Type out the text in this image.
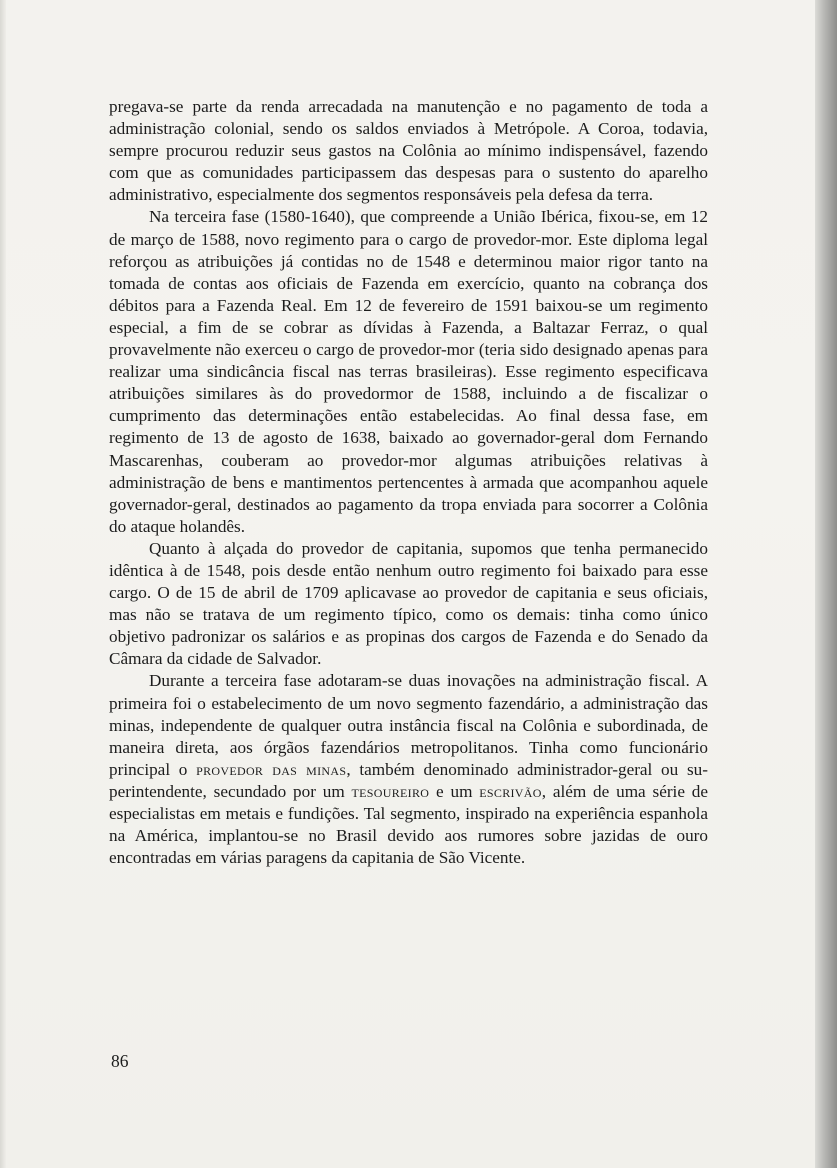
pregava-se parte da renda arrecadada na manutenção e no pagamento de toda a administração colonial, sendo os saldos enviados à Metrópole. A Coroa, todavia, sempre procurou reduzir seus gastos na Colônia ao mínimo indispensável, fazendo com que as comunidades participassem das despesas para o sustento do aparelho administrativo, especialmente dos segmentos responsáveis pela defesa da terra.

Na terceira fase (1580-1640), que compreende a União Ibérica, fixou-se, em 12 de março de 1588, novo regimento para o cargo de provedor-mor. Este diploma legal reforçou as atribuições já contidas no de 1548 e determinou maior rigor tanto na tomada de contas aos oficiais de Fazenda em exercício, quanto na cobrança dos débitos para a Fazenda Real. Em 12 de fevereiro de 1591 baixou-se um regimento especial, a fim de se cobrar as dívidas à Fazenda, a Baltazar Ferraz, o qual provavelmente não exerceu o cargo de provedor-mor (teria sido designado apenas para realizar uma sindicância fiscal nas terras brasileiras). Esse regimento especificava atribuições similares às do provedormor de 1588, incluindo a de fiscalizar o cumprimento das determinações então estabelecidas. Ao final dessa fase, em regimento de 13 de agosto de 1638, baixado ao governador-geral dom Fernando Mascarenhas, couberam ao provedor-mor algumas atribuições relativas à administração de bens e mantimentos pertencentes à armada que acompanhou aquele governador-geral, destinados ao pagamento da tropa enviada para socorrer a Colônia do ataque holandês.

Quanto à alçada do provedor de capitania, supomos que tenha permanecido idêntica à de 1548, pois desde então nenhum outro regimento foi baixado para esse cargo. O de 15 de abril de 1709 aplicavase ao provedor de capitania e seus oficiais, mas não se tratava de um regimento típico, como os demais: tinha como único objetivo padronizar os salários e as propinas dos cargos de Fazenda e do Senado da Câmara da cidade de Salvador.

Durante a terceira fase adotaram-se duas inovações na administração fiscal. A primeira foi o estabelecimento de um novo segmento fazendário, a administração das minas, independente de qualquer outra instância fiscal na Colônia e subordinada, de maneira direta, aos órgãos fazendários metropolitanos. Tinha como funcionário principal o provedor das minas, também denominado administrador-geral ou superintendente, secundado por um tesoureiro e um escrivão, além de uma série de especialistas em metais e fundições. Tal segmento, inspirado na experiência espanhola na América, implantou-se no Brasil devido aos rumores sobre jazidas de ouro encontradas em várias paragens da capitania de São Vicente.

86
